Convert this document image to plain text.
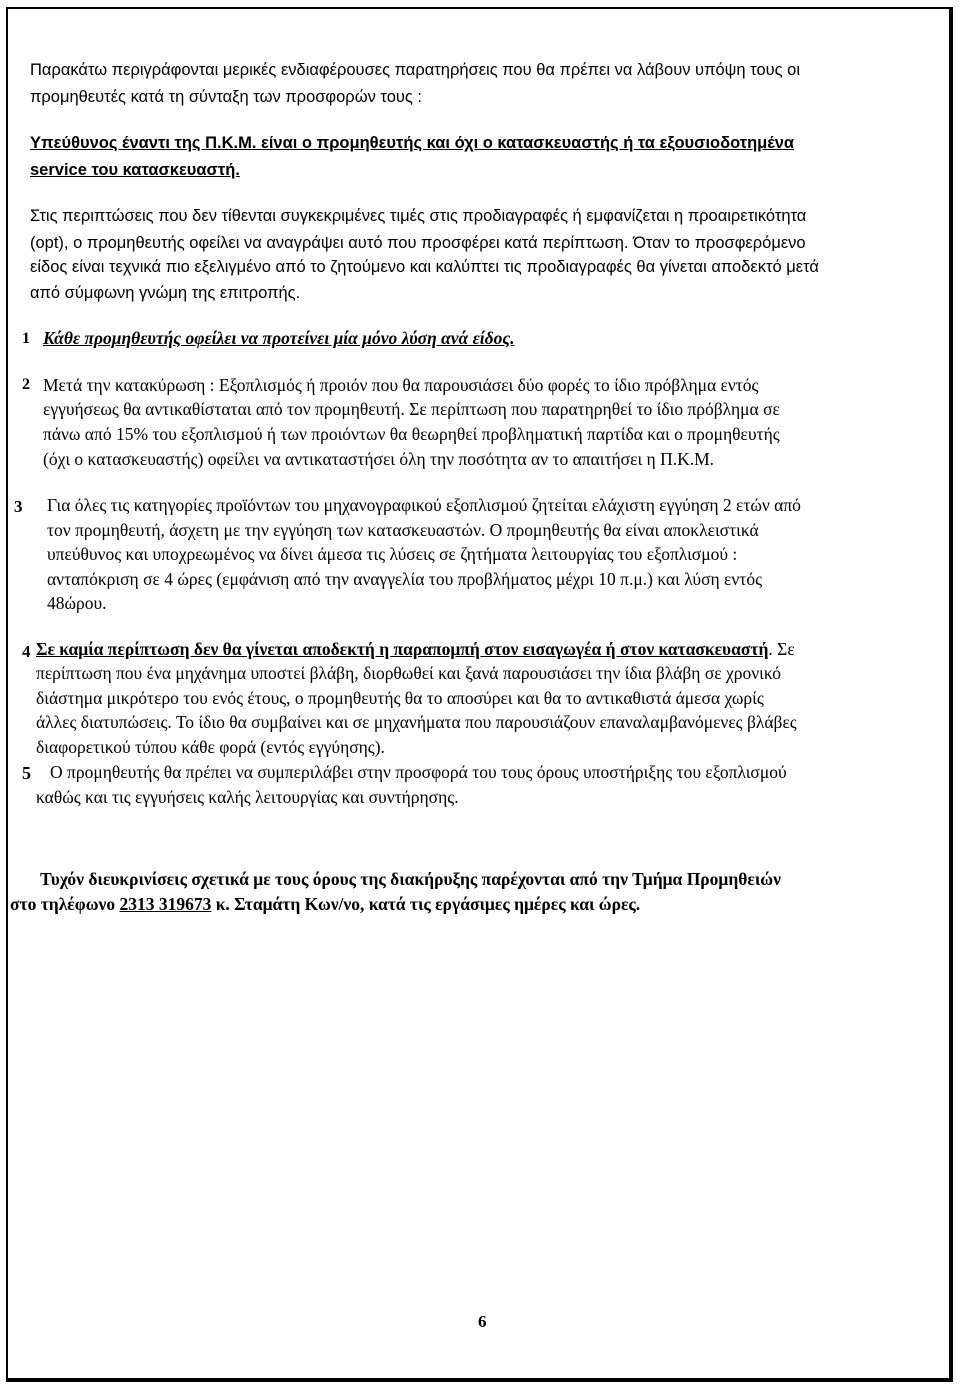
Παρακάτω περιγράφονται μερικές ενδιαφέρουσες παρατηρήσεις που θα πρέπει να λάβουν υπόψη τους οι
προμηθευτές κατά τη σύνταξη των προσφορών τους :
Υπεύθυνος έναντι της Π.Κ.Μ. είναι ο προμηθευτής και όχι ο κατασκευαστής ή τα εξουσιοδοτημένα
service του κατασκευαστή.
Στις περιπτώσεις που δεν τίθενται συγκεκριμένες τιμές στις προδιαγραφές ή εμφανίζεται η προαιρετικότητα
(opt), ο προμηθευτής οφείλει να αναγράψει αυτό που προσφέρει κατά περίπτωση. Όταν το προσφερόμενο
είδος είναι τεχνικά πιο εξελιγμένο από το ζητούμενο και καλύπτει τις προδιαγραφές θα γίνεται αποδεκτό μετά
από σύμφωνη γνώμη της επιτροπής.
1 Κάθε προμηθευτής οφείλει να προτείνει μία μόνο λύση ανά είδος.
2 Μετά την κατακύρωση : Εξοπλισμός ή προιόν που θα παρουσιάσει δύο φορές το ίδιο πρόβλημα εντός
εγγυήσεως θα αντικαθίσταται από τον προμηθευτή. Σε περίπτωση που παρατηρηθεί το ίδιο πρόβλημα σε
πάνω από 15% του εξοπλισμού ή των προιόντων θα θεωρηθεί προβληματική παρτίδα και ο προμηθευτής
(όχι ο κατασκευαστής) οφείλει να αντικαταστήσει όλη την ποσότητα αν το απαιτήσει η Π.Κ.Μ.
3 Για όλες τις κατηγορίες προϊόντων του μηχανογραφικού εξοπλισμού ζητείται ελάχιστη εγγύηση 2 ετών από
τον προμηθευτή, άσχετη με την εγγύηση των κατασκευαστών. Ο προμηθευτής θα είναι αποκλειστικά
υπεύθυνος και υποχρεωμένος να δίνει άμεσα τις λύσεις σε ζητήματα λειτουργίας του εξοπλισμού :
ανταπόκριση σε 4 ώρες (εμφάνιση από την αναγγελία του προβλήματος μέχρι 10 π.μ.) και λύση εντός
48ώρου.
4 Σε καμία περίπτωση δεν θα γίνεται αποδεκτή η παραπομπή στον εισαγωγέα ή στον κατασκευαστή. Σε
περίπτωση που ένα μηχάνημα υποστεί βλάβη, διορθωθεί και ξανά παρουσιάσει την ίδια βλάβη σε χρονικό
διάστημα μικρότερο του ενός έτους, ο προμηθευτής θα το αποσύρει και θα το αντικαθιστά άμεσα χωρίς
άλλες διατυπώσεις. Το ίδιο θα συμβαίνει και σε μηχανήματα που παρουσιάζουν επαναλαμβανόμενες βλάβες
διαφορετικού τύπου κάθε φορά (εντός εγγύησης).
5 Ο προμηθευτής θα πρέπει να συμπεριλάβει στην προσφορά του τους όρους υποστήριξης του εξοπλισμού
καθώς και τις εγγυήσεις καλής λειτουργίας και συντήρησης.
Τυχόν διευκρινίσεις σχετικά με τους όρους της διακήρυξης παρέχονται από την Τμήμα Προμηθειών
στο τηλέφωνο 2313 319673 κ. Σταμάτη Κων/νο, κατά τις εργάσιμες ημέρες και ώρες.
6
